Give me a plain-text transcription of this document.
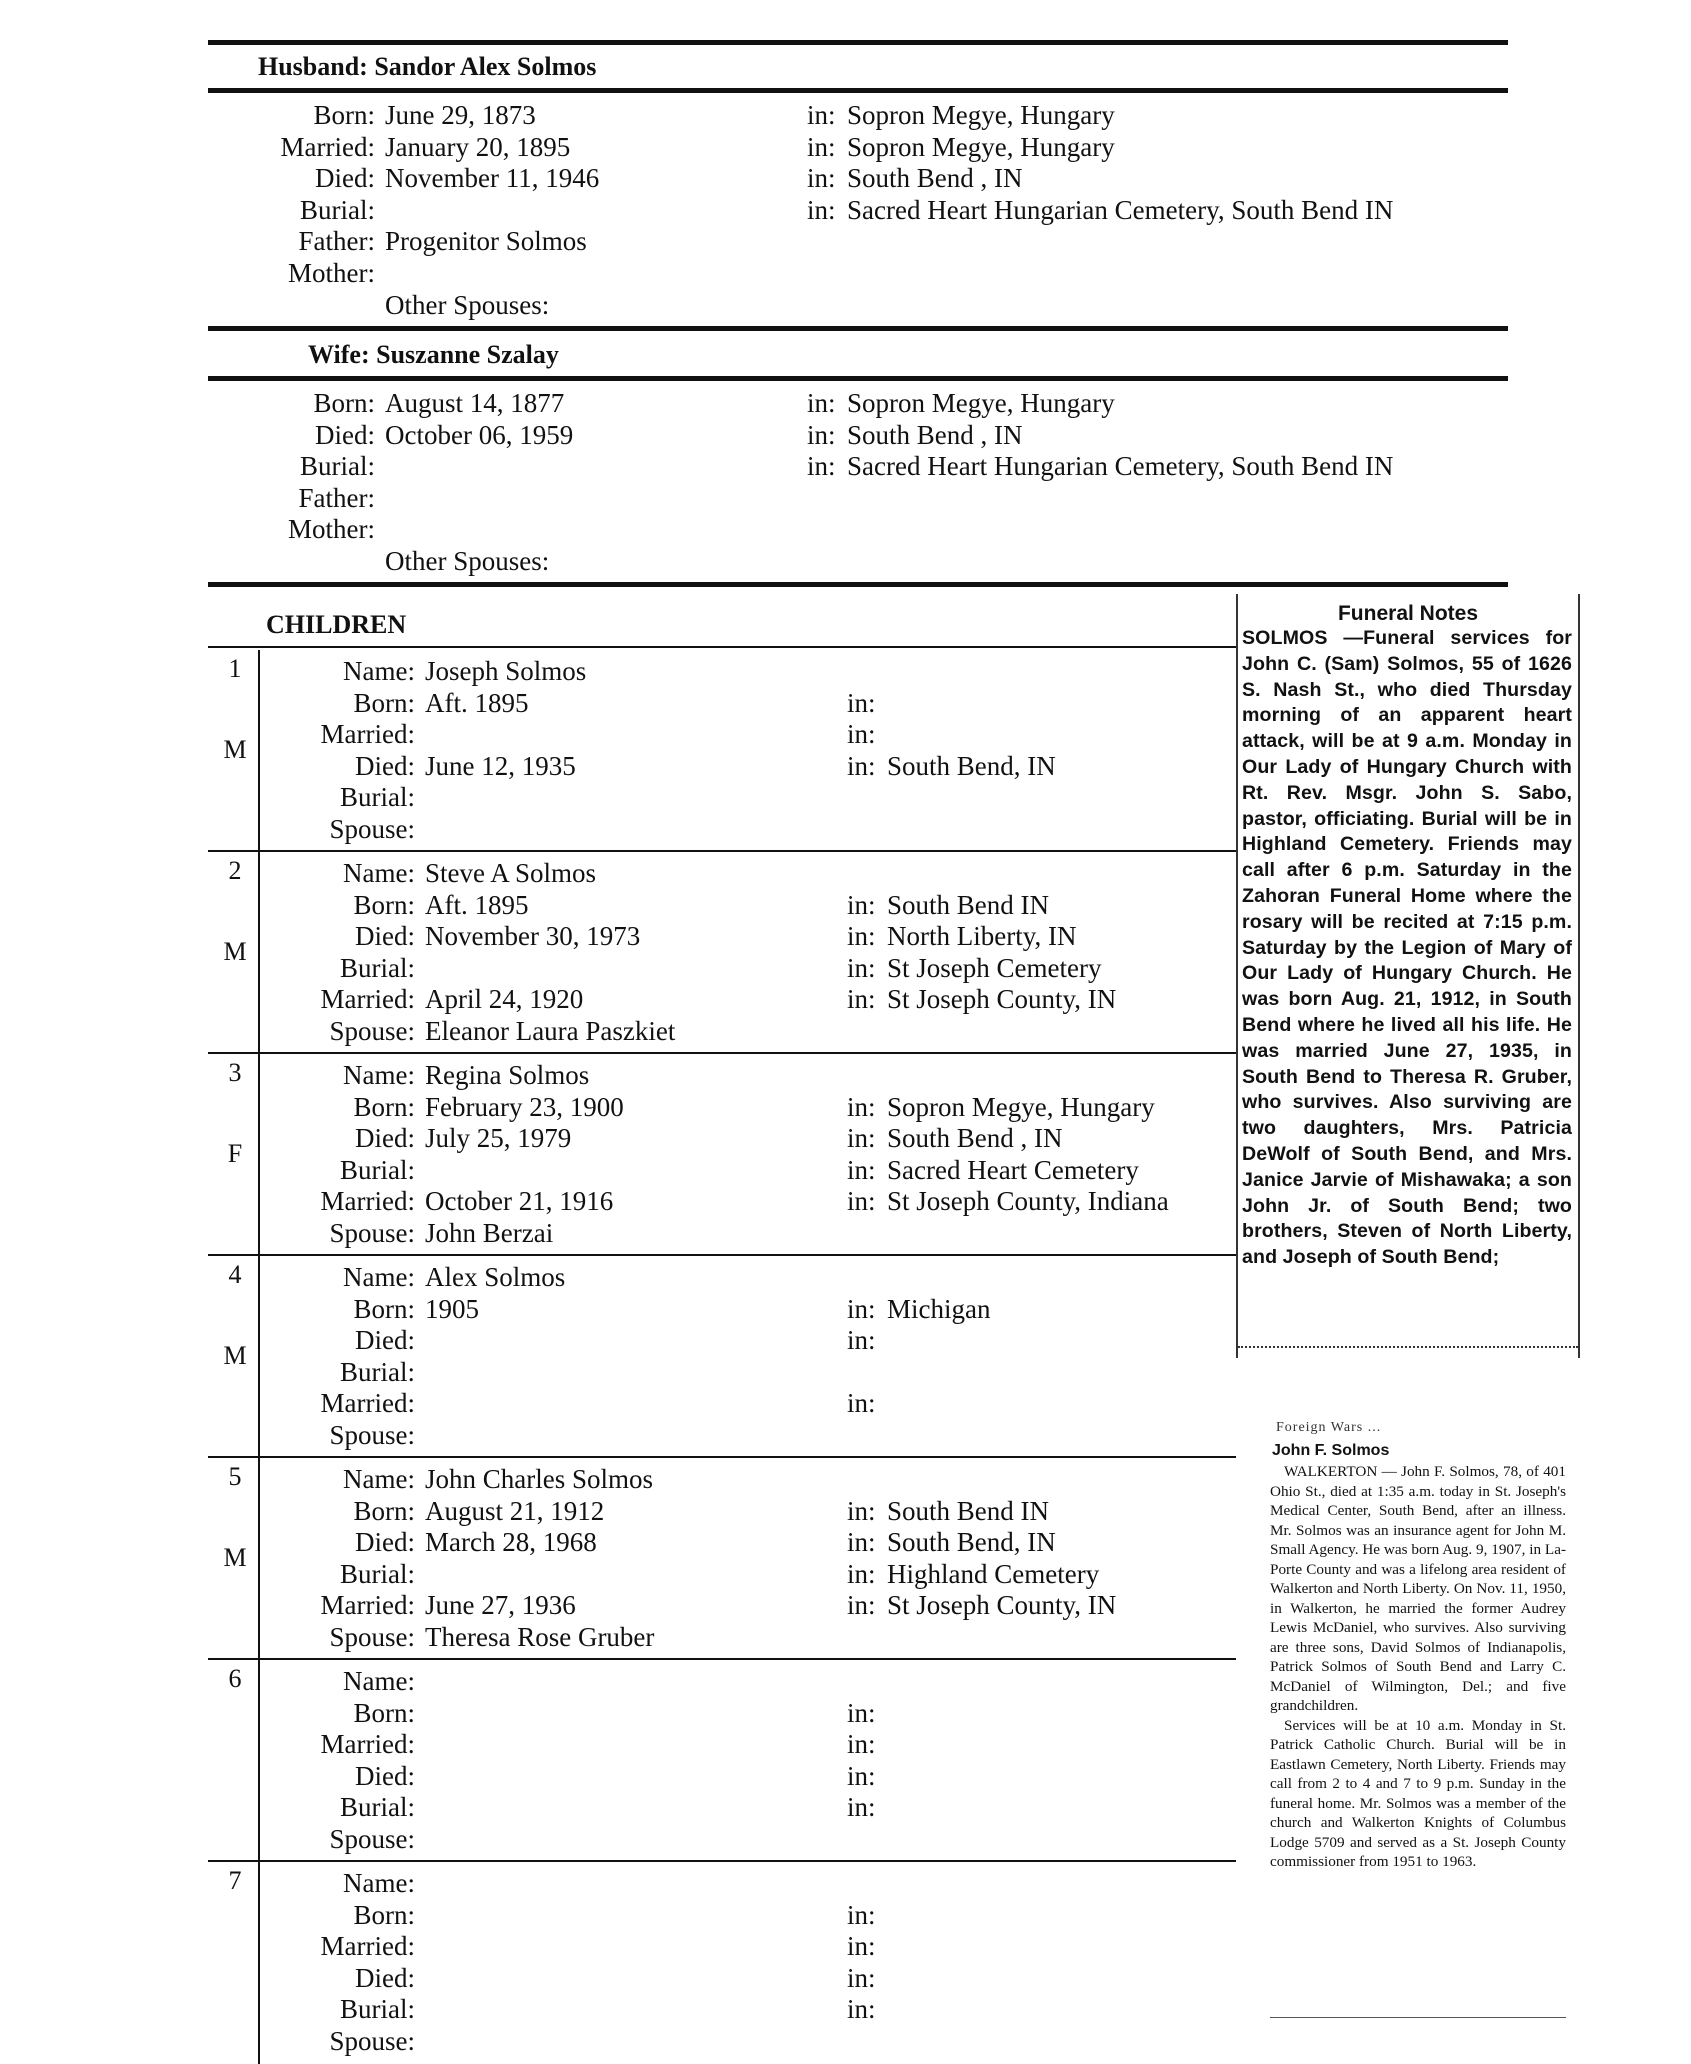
Husband: Sandor Alex Solmos
Born: June 29, 1873	in: Sopron Megye, Hungary
Married: January 20, 1895	in: Sopron Megye, Hungary
Died: November 11, 1946	in: South Bend , IN
Burial:	in: Sacred Heart Hungarian Cemetery, South Bend IN
Father: Progenitor Solmos
Mother:
Other Spouses:
Wife: Suszanne Szalay
Born: August 14, 1877	in: Sopron Megye, Hungary
Died: October 06, 1959	in: South Bend , IN
Burial:	in: Sacred Heart Hungarian Cemetery, South Bend IN
Father:
Mother:
Other Spouses:
CHILDREN
1
M
Name: Joseph Solmos
Born: Aft. 1895	in:
Married:	in:
Died: June 12, 1935	in: South Bend, IN
Burial:
Spouse:
2
M
Name: Steve A Solmos
Born: Aft. 1895	in: South Bend IN
Died: November 30, 1973	in: North Liberty, IN
Burial:	in: St Joseph Cemetery
Married: April 24, 1920	in: St Joseph County, IN
Spouse: Eleanor Laura Paszkiet
3
F
Name: Regina Solmos
Born: February 23, 1900	in: Sopron Megye, Hungary
Died: July 25, 1979	in: South Bend , IN
Burial:	in: Sacred Heart Cemetery
Married: October 21, 1916	in: St Joseph County, Indiana
Spouse: John Berzai
4
M
Name: Alex Solmos
Born: 1905	in: Michigan
Died:	in:
Burial:
Married:	in:
Spouse:
5
M
Name: John Charles Solmos
Born: August 21, 1912	in: South Bend IN
Died: March 28, 1968	in: South Bend, IN
Burial:	in: Highland Cemetery
Married: June 27, 1936	in: St Joseph County, IN
Spouse: Theresa Rose Gruber
6	Name:
Born:	in:
Married:	in:
Died:	in:
Burial:	in:
Spouse:
7	Name:
Born:	in:
Married:	in:
Died:	in:
Burial:	in:
Spouse:
Funeral Notes
SOLMOS —Funeral services for John C. (Sam) Solmos, 55 of 1626 S. Nash St., who died Thursday morning of an apparent heart attack, will be at 9 a.m. Monday in Our Lady of Hungary Church with Rt. Rev. Msgr. John S. Sabo, pastor, officiating. Burial will be in Highland Cemetery. Friends may call after 6 p.m. Saturday in the Zahoran Funeral Home where the rosary will be recited at 7:15 p.m. Saturday by the Legion of Mary of Our Lady of Hungary Church. He was born Aug. 21, 1912, in South Bend where he lived all his life. He was married June 27, 1935, in South Bend to Theresa R. Gruber, who survives. Also surviving are two daughters, Mrs. Patricia DeWolf of South Bend, and Mrs. Janice Jarvie of Mishawaka; a son John Jr. of South Bend; two brothers, Steven of North Liberty, and Joseph of South Bend;
Foreign Wars ...
John F. Solmos

WALKERTON — John F. Solmos, 78, of 401 Ohio St., died at 1:35 a.m. today in St. Joseph's Medical Center, South Bend, after an illness. Mr. Solmos was an insurance agent for John M. Small Agency. He was born Aug. 9, 1907, in La-Porte County and was a lifelong area resident of Walkerton and North Liberty. On Nov. 11, 1950, in Walkerton, he married the former Audrey Lewis McDaniel, who survives. Also surviving are three sons, David Solmos of Indianapolis, Patrick Solmos of South Bend and Larry C. McDaniel of Wilmington, Del.; and five grandchildren.

Services will be at 10 a.m. Monday in St. Patrick Catholic Church. Burial will be in Eastlawn Cemetery, North Liberty. Friends may call from 2 to 4 and 7 to 9 p.m. Sunday in the funeral home. Mr. Solmos was a member of the church and Walkerton Knights of Columbus Lodge 5709 and served as a St. Joseph County commissioner from 1951 to 1963.
